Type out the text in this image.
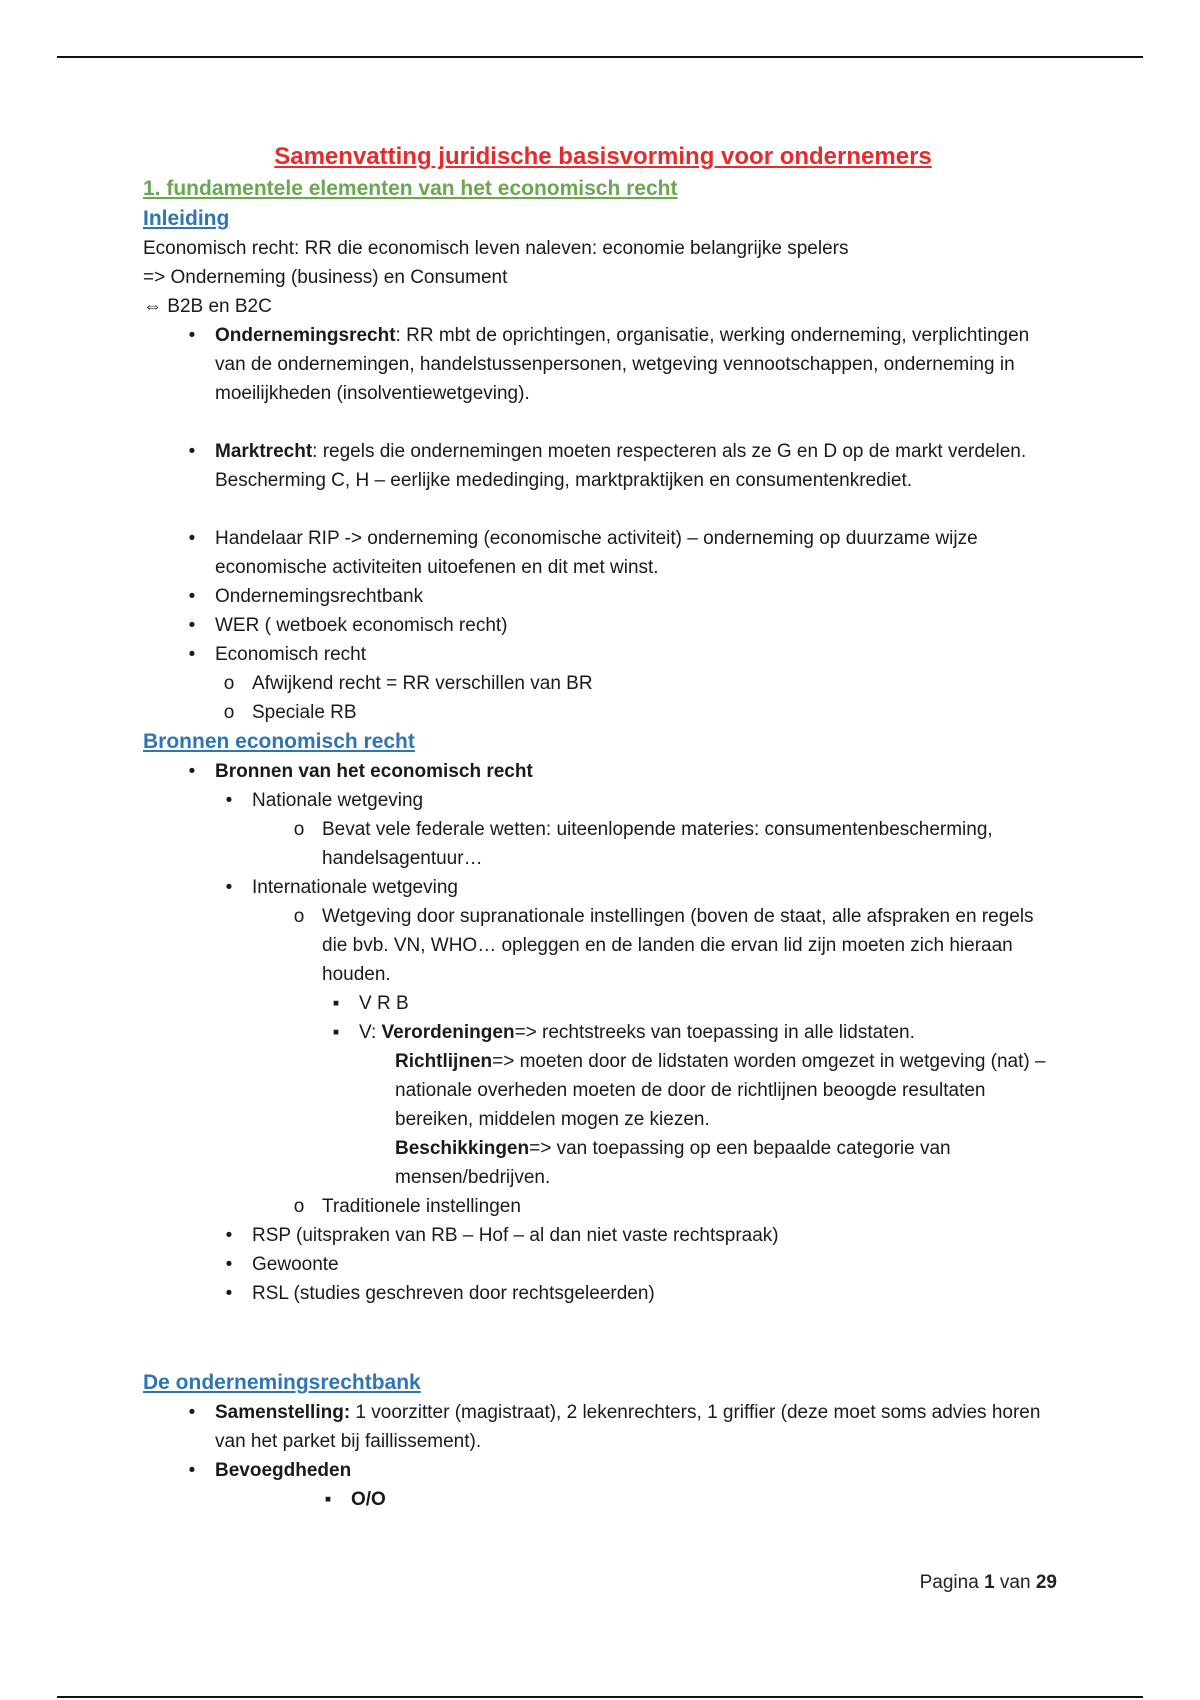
Samenvatting juridische basisvorming voor ondernemers
1. fundamentele elementen van het economisch recht
Inleiding

Economisch recht: RR die economisch leven naleven: economie belangrijke spelers

=> Onderneming (business) en Consument

⇔ B2B en B2C

•	Ondernemingsrecht: RR mbt de oprichtingen, organisatie, werking onderneming, verplichtingen van de ondernemingen, handelstussenpersonen, wetgeving vennootschappen, onderneming in moeilijkheden (insolventiewetgeving).
•	Marktrecht: regels die ondernemingen moeten respecteren als ze G en D op de markt verdelen. Bescherming C, H – eerlijke mededinging, marktpraktijken en consumentenkrediet.
•	Handelaar RIP -> onderneming (economische activiteit) – onderneming op duurzame wijze economische activiteiten uitoefenen en dit met winst.
•	Ondernemingsrechtbank
•	WER ( wetboek economisch recht)
•	Economisch recht
o Afwijkend recht = RR verschillen van BR
o Speciale RB
Bronnen economisch recht
•	Bronnen van het economisch recht
•	Nationale wetgeving
o Bevat vele federale wetten: uiteenlopende materies: consumentenbescherming, handelsagentuur…
•	Internationale wetgeving
o Wetgeving door supranationale instellingen (boven de staat, alle afspraken en regels die bvb. VN, WHO… opleggen en de landen die ervan lid zijn moeten zich hieraan houden.
▪	V R B
▪	V: Verordeningen=> rechtstreeks van toepassing in alle lidstaten.
Richtlijnen=> moeten door de lidstaten worden omgezet in wetgeving (nat) – nationale overheden moeten de door de richtlijnen beoogde resultaten bereiken, middelen mogen ze kiezen.
Beschikkingen=> van toepassing op een bepaalde categorie van mensen/bedrijven.
o Traditionele instellingen
•	RSP (uitspraken van RB – Hof – al dan niet vaste rechtspraak)
•	Gewoonte
•	RSL (studies geschreven door rechtsgeleerden)
De ondernemingsrechtbank
•	Samenstelling: 1 voorzitter (magistraat), 2 lekenrechters, 1 griffier (deze moet soms advies horen van het parket bij faillissement).
•	Bevoegdheden
▪	O/O
Pagina 1 van 29
